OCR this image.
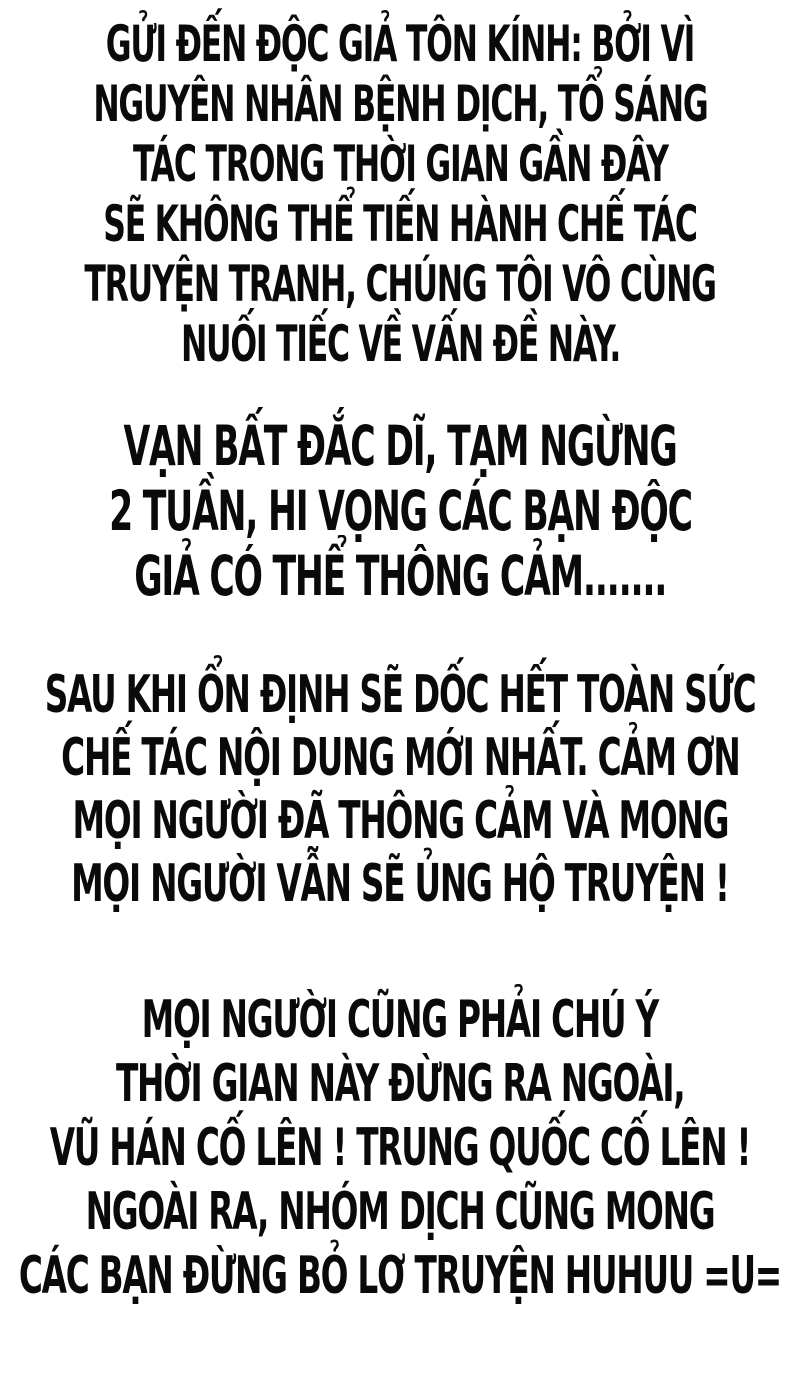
GỬI ĐẾN ĐỘC GIẢ TÔN KÍNH: BỞI VÌ
NGUYÊN NHÂN BỆNH DỊCH, TỔ SÁNG
TÁC TRONG THỜI GIAN GẦN ĐÂY
SẼ KHÔNG THỂ TIẾN HÀNH CHẾ TÁC
TRUYỆN TRANH, CHÚNG TÔI VÔ CÙNG
NUỐI TIẾC VỀ VẤN ĐỀ NÀY.
VẠN BẤT ĐẮC DĨ, TẠM NGỪNG
2 TUẦN, HI VỌNG CÁC BẠN ĐỘC
GIẢ CÓ THỂ THÔNG CẢM.......
SAU KHI ỔN ĐỊNH SẼ DỐC HẾT TOÀN SỨC
CHẾ TÁC NỘI DUNG MỚI NHẤT. CẢM ƠN
MỌI NGƯỜI ĐÃ THÔNG CẢM VÀ MONG
MỌI NGƯỜI VẪN SẼ ỦNG HỘ TRUYỆN !
MỌI NGƯỜI CŨNG PHẢI CHÚ Ý
THỜI GIAN NÀY ĐỪNG RA NGOÀI,
VŨ HÁN CỐ LÊN ! TRUNG QUỐC CỐ LÊN !
NGOÀI RA, NHÓM DỊCH CŨNG MONG
CÁC BẠN ĐỪNG BỎ LƠ TRUYỆN HUHUU =U=
